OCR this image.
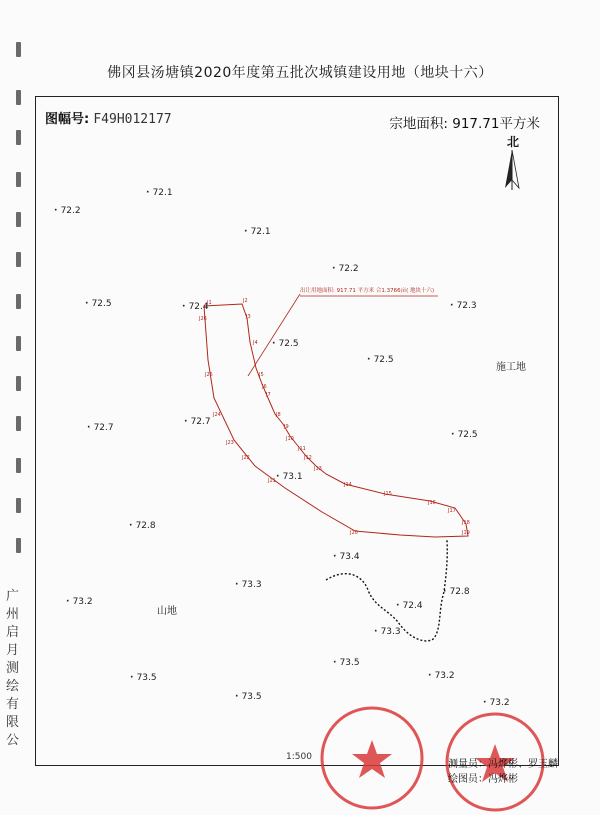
广
州
启
月
测
绘
有
限
公
佛冈县汤塘镇2020年度第五批次城镇建设用地（地块十六）
图幅号: F49H012177	宗地面积: 917.71平方米
北
出让用地面积: 917.71 平方米 合1.3766亩( 地块十六)
J1	J2
J3
J4
J5
J6
J7
J8
J9
J10
J11
J12
J13
J14
J15
J16
J17
J18
J19
J20
J21
J22
J23
J24
J25
J26
· 72.1
· 72.2
· 72.1
· 72.2
· 72.5	· 72.4	· 72.3
· 72.5
· 72.5
· 72.7
· 72.7
· 72.5
· 73.1
· 72.8
· 73.4
· 73.3
· 73.2	· 72.4
· 72.8
· 73.3
· 73.5
· 73.5	· 73.2
· 73.5
· 73.2
施工地
山地
1:500
测量员：冯烨彬、罗玉麟
绘图员：冯烨彬
